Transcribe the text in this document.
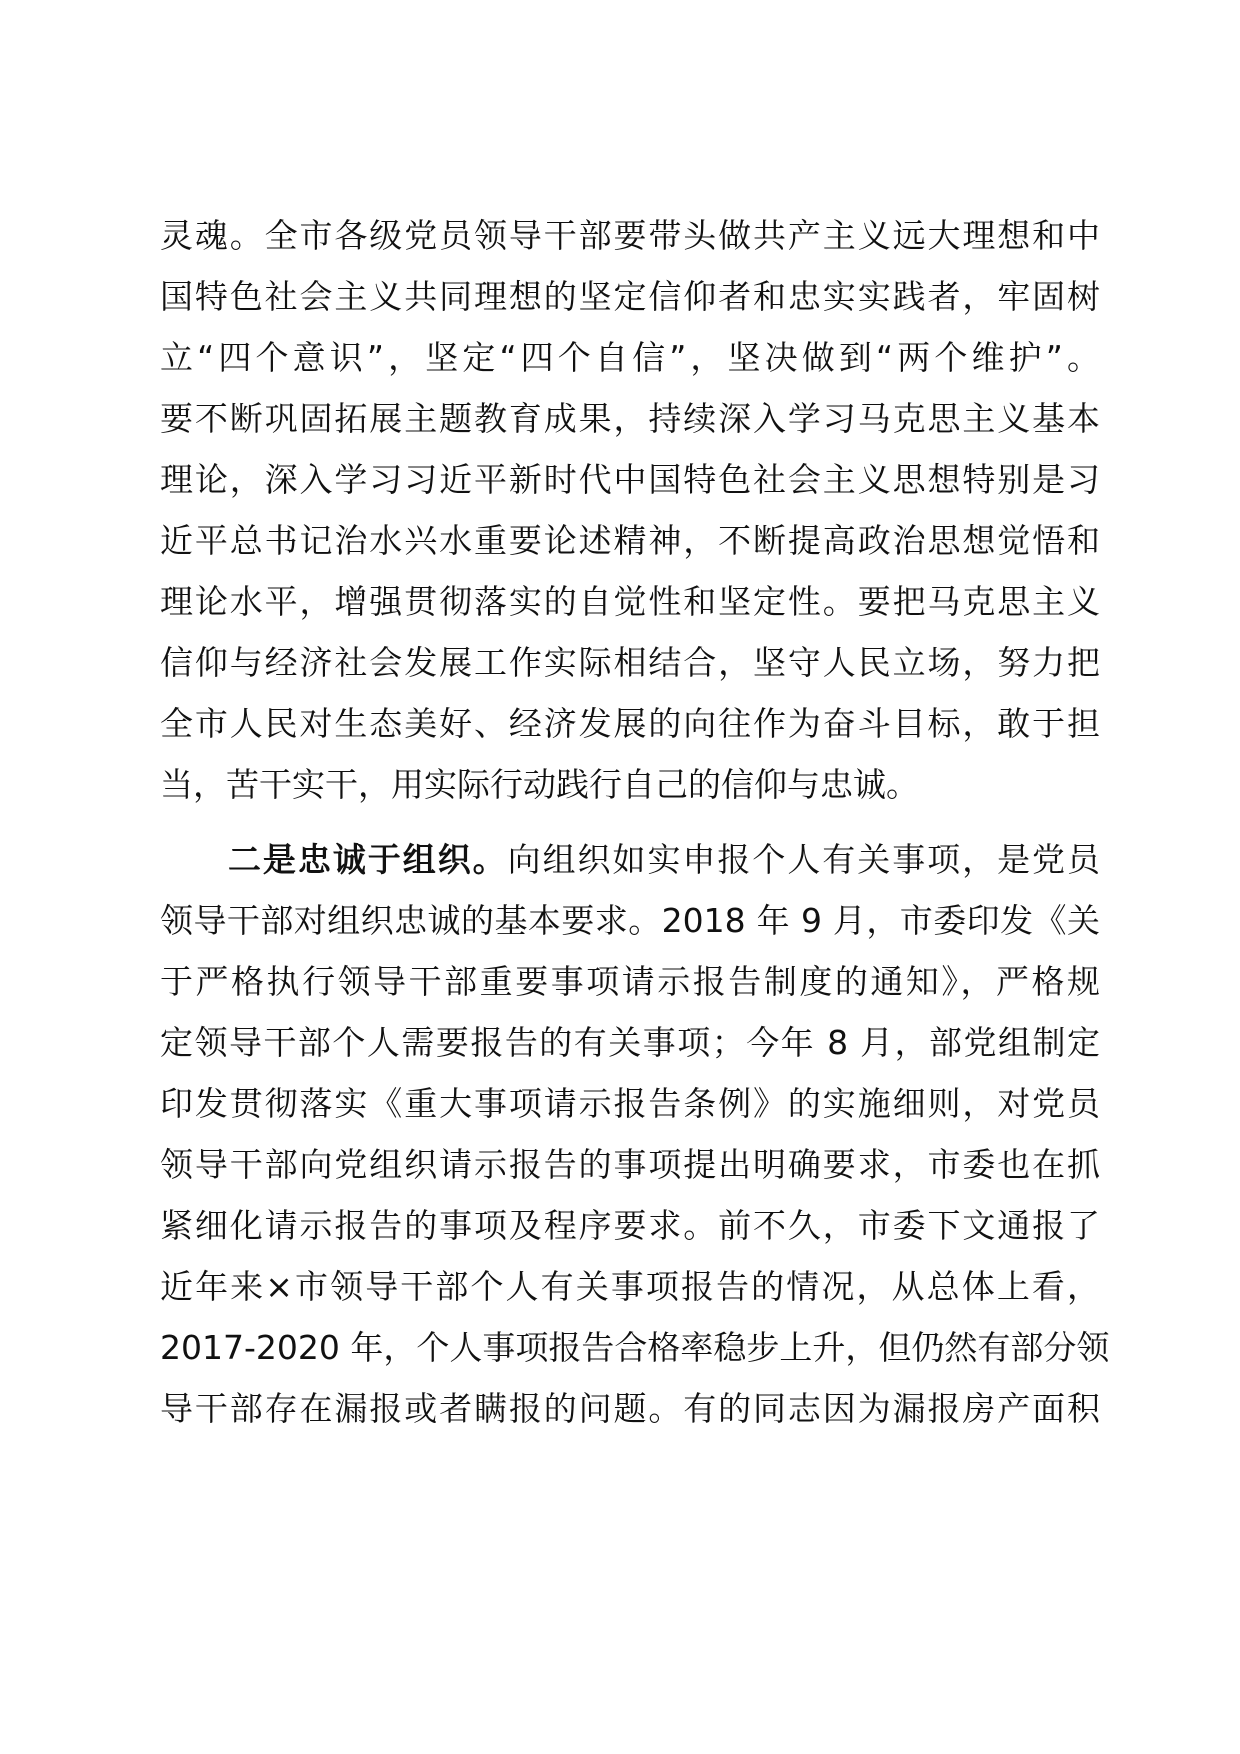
灵魂。全市各级党员领导干部要带头做共产主义远大理想和中
国特色社会主义共同理想的坚定信仰者和忠实实践者，牢固树
立“四个意识”，坚定“四个自信”，坚决做到“两个维护”。
要不断巩固拓展主题教育成果，持续深入学习马克思主义基本
理论，深入学习习近平新时代中国特色社会主义思想特别是习
近平总书记治水兴水重要论述精神，不断提高政治思想觉悟和
理论水平，增强贯彻落实的自觉性和坚定性。要把马克思主义
信仰与经济社会发展工作实际相结合，坚守人民立场，努力把
全市人民对生态美好、经济发展的向往作为奋斗目标，敢于担
当，苦干实干，用实际行动践行自己的信仰与忠诚。
二是忠诚于组织。向组织如实申报个人有关事项，是党员
领导干部对组织忠诚的基本要求。2018 年 9 月，市委印发《关
于严格执行领导干部重要事项请示报告制度的通知》，严格规
定领导干部个人需要报告的有关事项；今年 8 月，部党组制定
印发贯彻落实《重大事项请示报告条例》的实施细则，对党员
领导干部向党组织请示报告的事项提出明确要求，市委也在抓
紧细化请示报告的事项及程序要求。前不久，市委下文通报了
近年来×市领导干部个人有关事项报告的情况，从总体上看，
2017-2020 年，个人事项报告合格率稳步上升，但仍然有部分领
导干部存在漏报或者瞒报的问题。有的同志因为漏报房产面积
